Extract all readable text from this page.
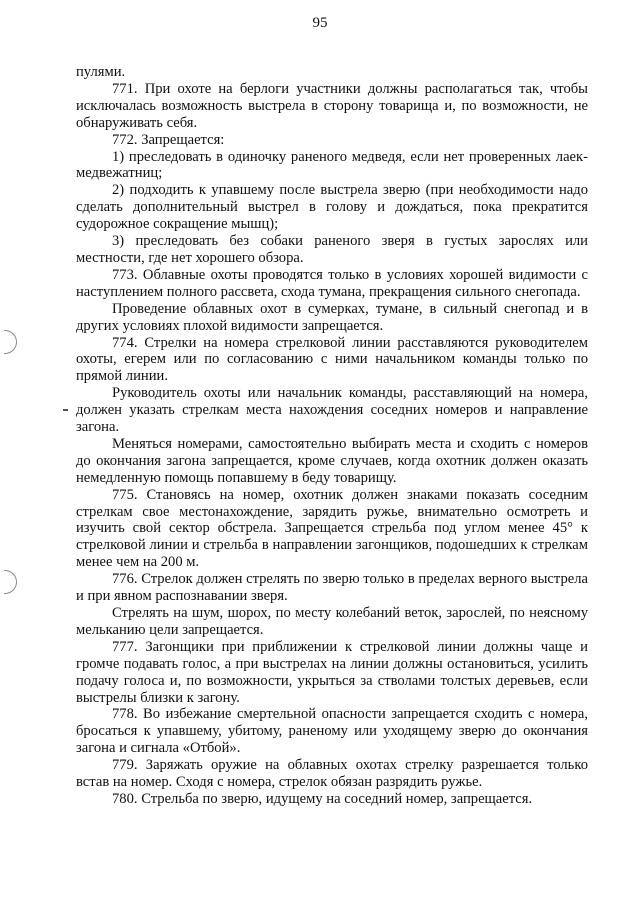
95

пулями.

771. При охоте на берлоги участники должны располагаться так, чтобы исключалась возможность выстрела в сторону товарища и, по возможности, не обнаруживать себя.

772. Запрещается:

1) преследовать в одиночку раненого медведя, если нет проверенных лаек-медвежатниц;

2) подходить к упавшему после выстрела зверю (при необходимости надо сделать дополнительный выстрел в голову и дождаться, пока прекратится судорожное сокращение мышц);

3) преследовать без собаки раненого зверя в густых зарослях или местности, где нет хорошего обзора.

773. Облавные охоты проводятся только в условиях хорошей видимости с наступлением полного рассвета, схода тумана, прекращения сильного снегопада.

Проведение облавных охот в сумерках, тумане, в сильный снегопад и в других условиях плохой видимости запрещается.

774. Стрелки на номера стрелковой линии расставляются руководителем охоты, егерем или по согласованию с ними начальником команды только по прямой линии.

Руководитель охоты или начальник команды, расставляющий на номера, должен указать стрелкам места нахождения соседних номеров и направление загона.

Меняться номерами, самостоятельно выбирать места и сходить с номеров до окончания загона запрещается, кроме случаев, когда охотник должен оказать немедленную помощь попавшему в беду товарищу.

775. Становясь на номер, охотник должен знаками показать соседним стрелкам свое местонахождение, зарядить ружье, внимательно осмотреть и изучить свой сектор обстрела. Запрещается стрельба под углом менее 45° к стрелковой линии и стрельба в направлении загонщиков, подошедших к стрелкам менее чем на 200 м.

776. Стрелок должен стрелять по зверю только в пределах верного выстрела и при явном распознавании зверя.

Стрелять на шум, шорох, по месту колебаний веток, зарослей, по неясному мельканию цели запрещается.

777. Загонщики при приближении к стрелковой линии должны чаще и громче подавать голос, а при выстрелах на линии должны остановиться, усилить подачу голоса и, по возможности, укрыться за стволами толстых деревьев, если выстрелы близки к загону.

778. Во избежание смертельной опасности запрещается сходить с номера, бросаться к упавшему, убитому, раненому или уходящему зверю до окончания загона и сигнала «Отбой».

779. Заряжать оружие на облавных охотах стрелку разрешается только встав на номер. Сходя с номера, стрелок обязан разрядить ружье.

780. Стрельба по зверю, идущему на соседний номер, запрещается.
